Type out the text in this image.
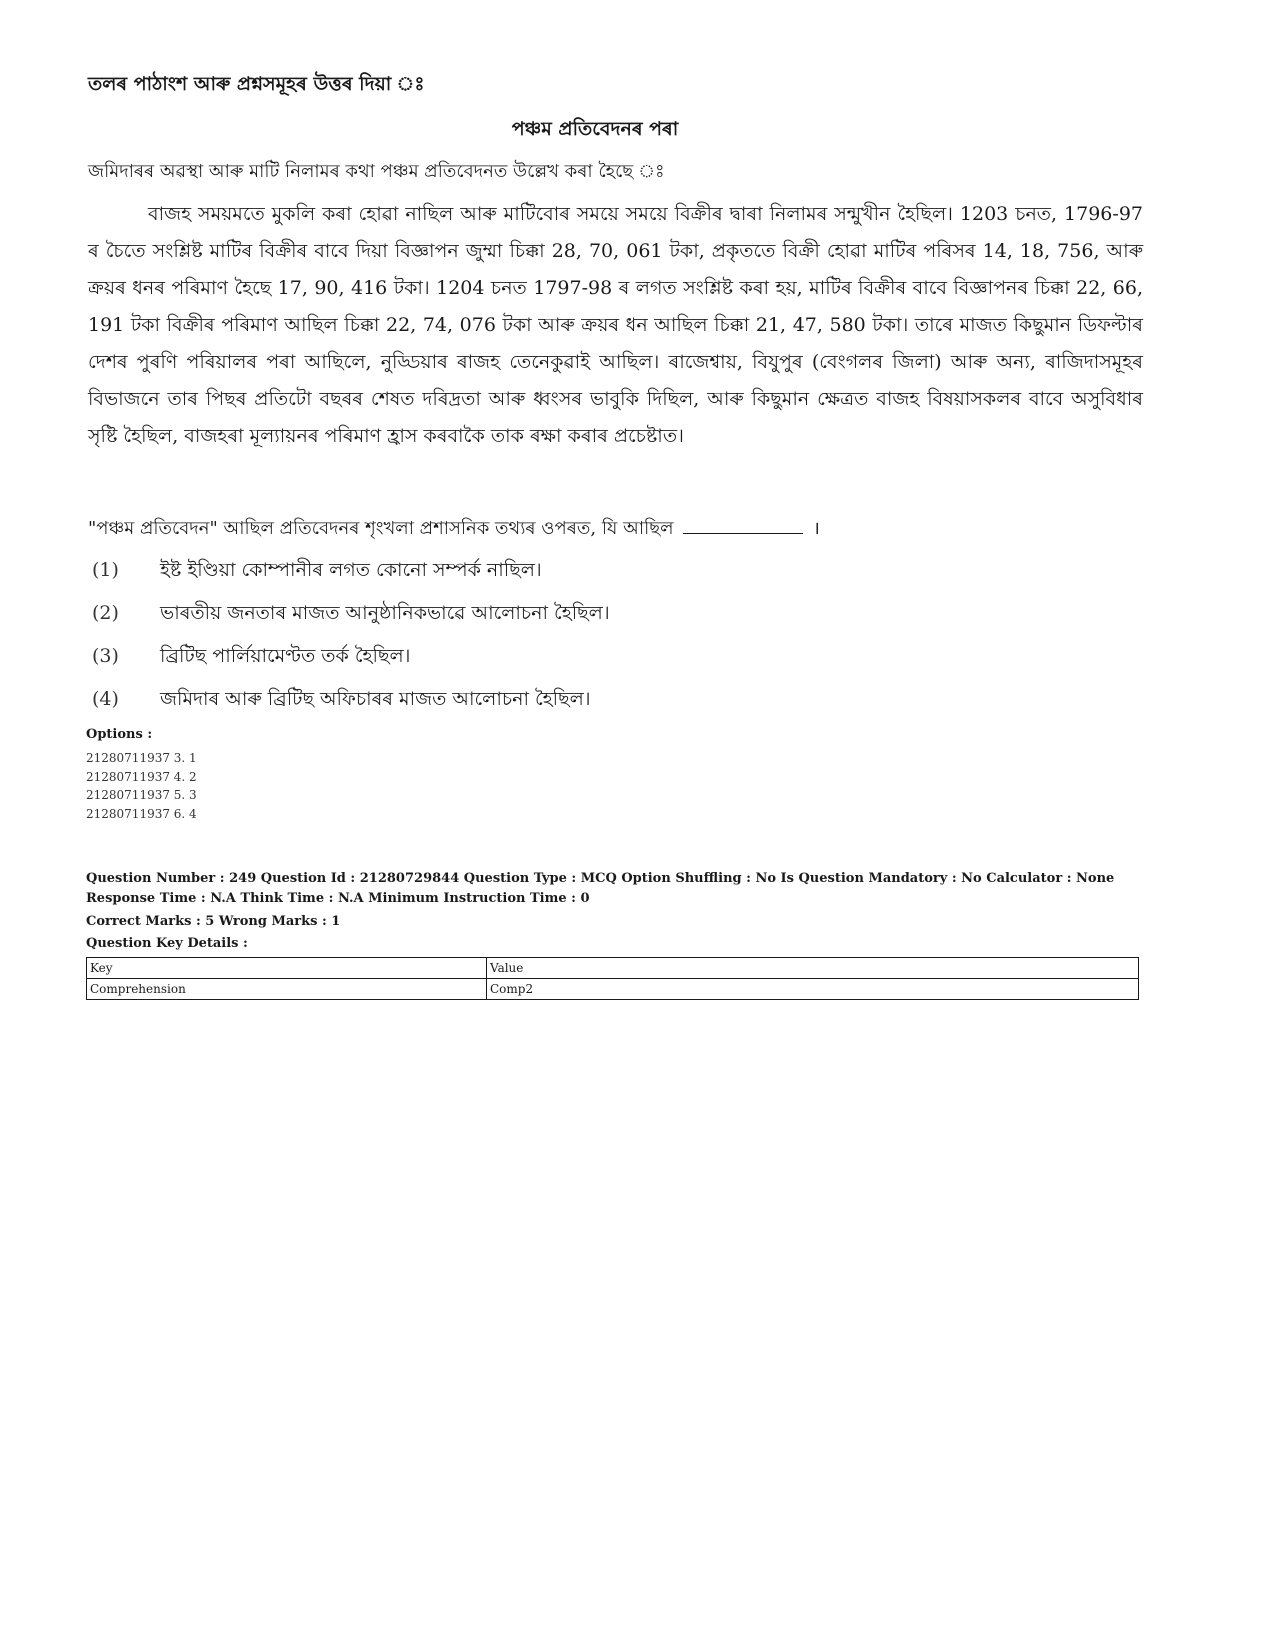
তলৰ পাঠাংশ আৰু প্ৰশ্নসমূহৰ উত্তৰ দিয়া ঃ
পঞ্চম প্ৰতিবেদনৰ পৰা
জমিদাৰৰ অৱস্থা আৰু মাটি নিলামৰ কথা পঞ্চম প্ৰতিবেদনত উল্লেখ কৰা হৈছে ঃ

বাজহ সময়মতে মুকলি কৰা হোৱা নাছিল আৰু মাটিবোৰ সময়ে সময়ে বিক্ৰীৰ দ্বাৰা নিলামৰ সন্মুখীন হৈছিল। 1203 চনত, 1796-97 ৰ চৈতে সংশ্লিষ্ট মাটিৰ বিক্ৰীৰ বাবে দিয়া বিজ্ঞাপন জুম্মা চিক্কা 28, 70, 061 টকা, প্ৰকৃততে বিক্ৰী হোৱা মাটিৰ পৰিসৰ 14, 18, 756, আৰু ক্ৰয়ৰ ধনৰ পৰিমাণ হৈছে 17, 90, 416 টকা। 1204 চনত 1797-98 ৰ লগত সংশ্লিষ্ট কৰা হয়, মাটিৰ বিক্ৰীৰ বাবে বিজ্ঞাপনৰ চিক্কা 22, 66, 191 টকা বিক্ৰীৰ পৰিমাণ আছিল চিক্কা 22, 74, 076 টকা আৰু ক্ৰয়ৰ ধন আছিল চিক্কা 21, 47, 580 টকা। তাৰে মাজত কিছুমান ডিফল্টাৰ দেশৰ পুৰণি পৰিয়ালৰ পৰা আছিলে, নুড্ডিয়াৰ ৰাজহ তেনেকুৱাই আছিল। ৰাজেশ্বায়, বিযুপুৰ (বেংগলৰ জিলা) আৰু অন্য, ৰাজিদাসমূহৰ বিভাজনে তাৰ পিছৰ প্ৰতিটো বছৰৰ শেষত দৰিদ্ৰতা আৰু ধ্বংসৰ ভাবুকি দিছিল, আৰু কিছুমান ক্ষেত্ৰত বাজহ বিষয়াসকলৰ বাবে অসুবিধাৰ সৃষ্টি হৈছিল, বাজহৰা মূল্যায়নৰ পৰিমাণ হ্ৰাস কৰবাকৈ তাক ৰক্ষা কৰাৰ প্ৰচেষ্টাত।

"পঞ্চম প্ৰতিবেদন" আছিল প্ৰতিবেদনৰ শৃংখলা প্ৰশাসনিক তথ্যৰ ওপৰত, যি আছিল	।
(1) ইষ্ট ইণ্ডিয়া কোম্পানীৰ লগত কোনো সম্পৰ্ক নাছিল।
(2) ভাৰতীয় জনতাৰ মাজত আনুষ্ঠানিকভাৱে আলোচনা হৈছিল।
(3) ব্ৰিটিছ পাৰ্লিয়ামেণ্টত তৰ্ক হৈছিল।
(4) জমিদাৰ আৰু ব্ৰিটিছ অফিচাৰৰ মাজত আলোচনা হৈছিল।
Options :
21280711937 3. 1
21280711937 4. 2
21280711937 5. 3
21280711937 6. 4
Question Number : 249 Question Id : 21280729844 Question Type : MCQ Option Shuffling : No Is Question Mandatory : No Calculator : None
Response Time : N.A Think Time : N.A Minimum Instruction Time : 0
Correct Marks : 5 Wrong Marks : 1
Question Key Details :
Key	Value
Comprehension	Comp2
